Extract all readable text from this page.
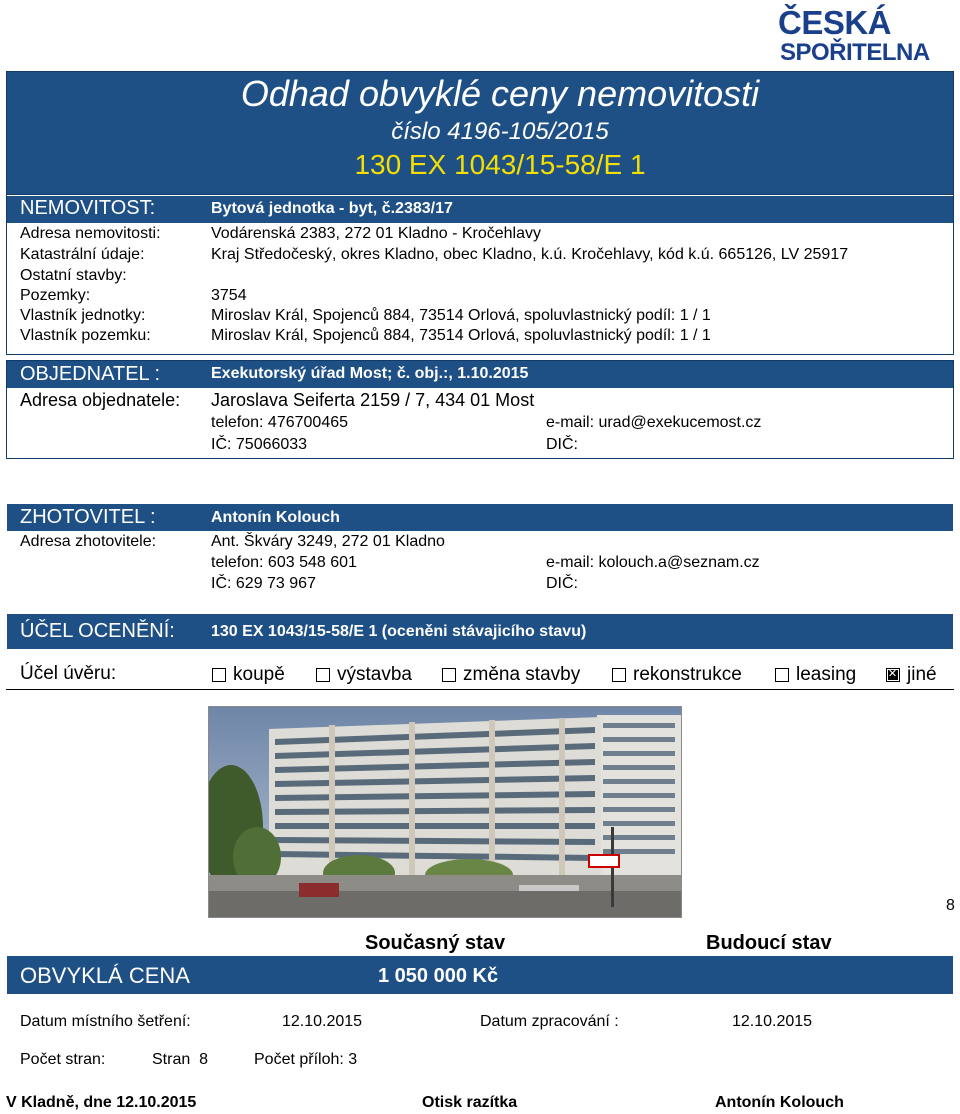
ČESKÁ
SPOŘITELNA
Odhad obvyklé ceny nemovitosti
číslo 4196-105/2015
130 EX 1043/15-58/E 1
NEMOVITOST:	Bytová jednotka - byt, č.2383/17
Adresa nemovitosti:	Vodárenská 2383, 272 01 Kladno - Kročehlavy
Katastrální údaje:	Kraj Středočeský, okres Kladno, obec Kladno, k.ú. Kročehlavy, kód k.ú. 665126, LV 25917
Ostatní stavby:
Pozemky:	3754
Vlastník jednotky:	Miroslav Král, Spojenců 884, 73514 Orlová, spoluvlastnický podíl: 1 / 1
Vlastník pozemku:	Miroslav Král, Spojenců 884, 73514 Orlová, spoluvlastnický podíl: 1 / 1
OBJEDNATEL :	Exekutorský úřad Most; č. obj.:, 1.10.2015
Adresa objednatele: Jaroslava Seiferta 2159 / 7, 434 01 Most
telefon: 476700465	e-mail: urad@exekucemost.cz
IČ: 75066033	DIČ:
ZHOTOVITEL :	Antonín Kolouch
Adresa zhotovitele:	Ant. Škváry 3249, 272 01 Kladno
telefon: 603 548 601	e-mail: kolouch.a@seznam.cz
IČ: 629 73 967	DIČ:
ÚČEL OCENĚNÍ: 130 EX 1043/15-58/E 1 (oceněni stávajicího stavu)
Účel úvěru:	koupě	výstavba	změna stavby	rekonstrukce	leasing
✕	jiné
8
Současný stav	Budoucí stav
OBVYKLÁ CENA	1 050 000 Kč
Datum místního šetření:	12.10.2015	Datum zpracování :	12.10.2015
Počet stran:	Stran  8	Počet příloh: 3
V Kladně, dne 12.10.2015	Otisk razítka	Antonín Kolouch
